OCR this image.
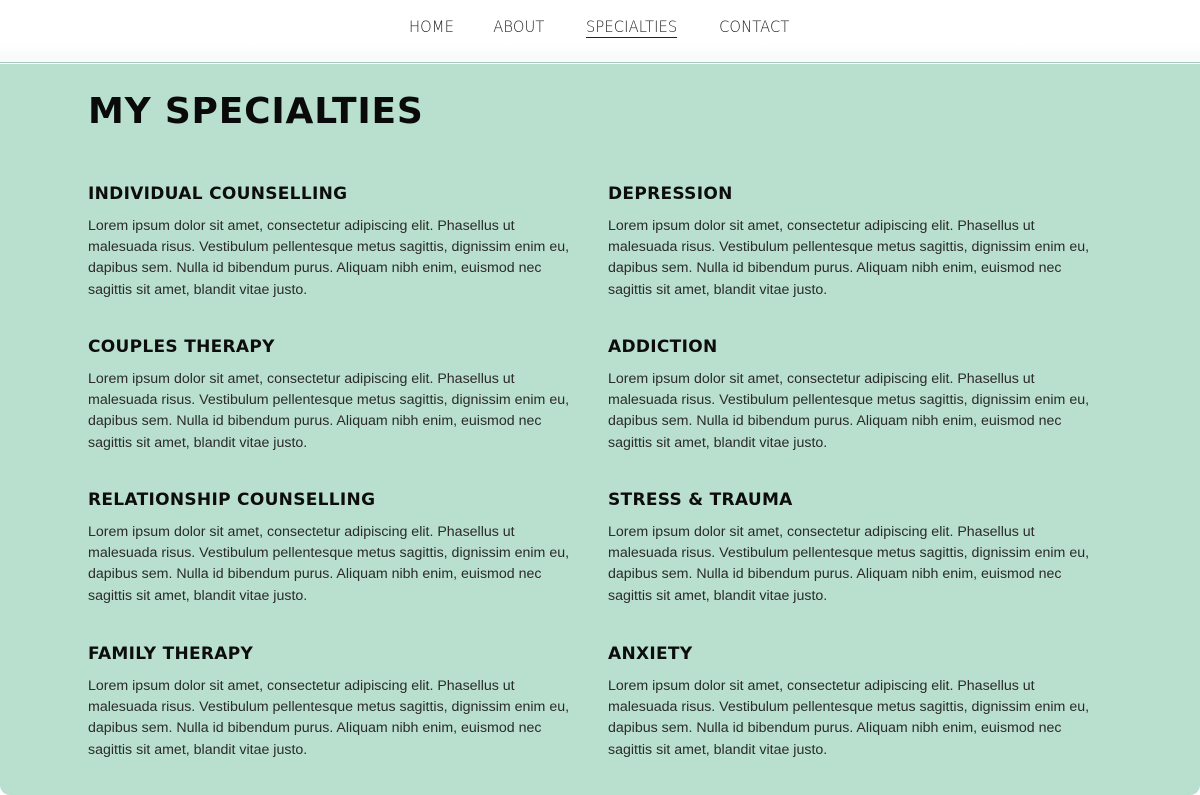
HOME	ABOUT	SPECIALTIES	CONTACT
MY SPECIALTIES
INDIVIDUAL COUNSELLING

Lorem ipsum dolor sit amet, consectetur adipiscing elit. Phasellus ut malesuada risus. Vestibulum pellentesque metus sagittis, dignissim enim eu, dapibus sem. Nulla id bibendum purus. Aliquam nibh enim, euismod nec sagittis sit amet, blandit vitae justo.

DEPRESSION

Lorem ipsum dolor sit amet, consectetur adipiscing elit. Phasellus ut malesuada risus. Vestibulum pellentesque metus sagittis, dignissim enim eu, dapibus sem. Nulla id bibendum purus. Aliquam nibh enim, euismod nec sagittis sit amet, blandit vitae justo.

COUPLES THERAPY

Lorem ipsum dolor sit amet, consectetur adipiscing elit. Phasellus ut malesuada risus. Vestibulum pellentesque metus sagittis, dignissim enim eu, dapibus sem. Nulla id bibendum purus. Aliquam nibh enim, euismod nec sagittis sit amet, blandit vitae justo.

ADDICTION

Lorem ipsum dolor sit amet, consectetur adipiscing elit. Phasellus ut malesuada risus. Vestibulum pellentesque metus sagittis, dignissim enim eu, dapibus sem. Nulla id bibendum purus. Aliquam nibh enim, euismod nec sagittis sit amet, blandit vitae justo.

RELATIONSHIP COUNSELLING

Lorem ipsum dolor sit amet, consectetur adipiscing elit. Phasellus ut malesuada risus. Vestibulum pellentesque metus sagittis, dignissim enim eu, dapibus sem. Nulla id bibendum purus. Aliquam nibh enim, euismod nec sagittis sit amet, blandit vitae justo.

STRESS & TRAUMA

Lorem ipsum dolor sit amet, consectetur adipiscing elit. Phasellus ut malesuada risus. Vestibulum pellentesque metus sagittis, dignissim enim eu, dapibus sem. Nulla id bibendum purus. Aliquam nibh enim, euismod nec sagittis sit amet, blandit vitae justo.

FAMILY THERAPY

Lorem ipsum dolor sit amet, consectetur adipiscing elit. Phasellus ut malesuada risus. Vestibulum pellentesque metus sagittis, dignissim enim eu, dapibus sem. Nulla id bibendum purus. Aliquam nibh enim, euismod nec sagittis sit amet, blandit vitae justo.

ANXIETY

Lorem ipsum dolor sit amet, consectetur adipiscing elit. Phasellus ut malesuada risus. Vestibulum pellentesque metus sagittis, dignissim enim eu, dapibus sem. Nulla id bibendum purus. Aliquam nibh enim, euismod nec sagittis sit amet, blandit vitae justo.
